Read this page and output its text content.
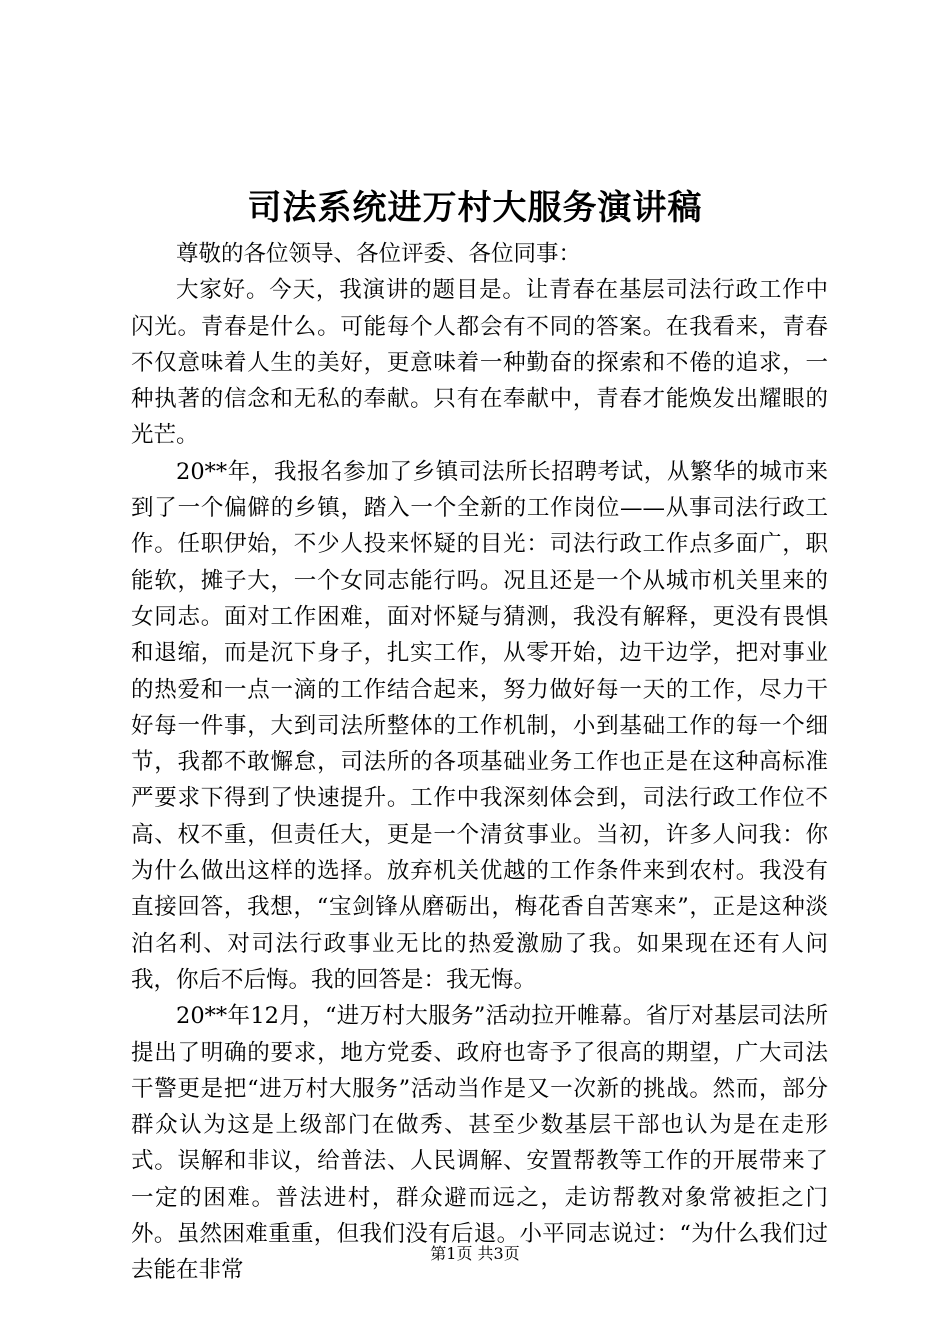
司法系统进万村大服务演讲稿

尊敬的各位领导、各位评委、各位同事：

大家好。今天，我演讲的题目是。让青春在基层司法行政工作中闪光。青春是什么。可能每个人都会有不同的答案。在我看来，青春不仅意味着人生的美好，更意味着一种勤奋的探索和不倦的追求，一种执著的信念和无私的奉献。只有在奉献中，青春才能焕发出耀眼的光芒。

20**年，我报名参加了乡镇司法所长招聘考试，从繁华的城市来到了一个偏僻的乡镇，踏入一个全新的工作岗位——从事司法行政工作。任职伊始，不少人投来怀疑的目光：司法行政工作点多面广，职能软，摊子大，一个女同志能行吗。况且还是一个从城市机关里来的女同志。面对工作困难，面对怀疑与猜测，我没有解释，更没有畏惧和退缩，而是沉下身子，扎实工作，从零开始，边干边学，把对事业的热爱和一点一滴的工作结合起来，努力做好每一天的工作，尽力干好每一件事，大到司法所整体的工作机制，小到基础工作的每一个细节，我都不敢懈怠，司法所的各项基础业务工作也正是在这种高标准严要求下得到了快速提升。工作中我深刻体会到，司法行政工作位不高、权不重，但责任大，更是一个清贫事业。当初，许多人问我：你为什么做出这样的选择。放弃机关优越的工作条件来到农村。我没有直接回答，我想，“宝剑锋从磨砺出，梅花香自苦寒来”，正是这种淡泊名利、对司法行政事业无比的热爱激励了我。如果现在还有人问我，你后不后悔。我的回答是：我无悔。

20**年12月，“进万村大服务”活动拉开帷幕。省厅对基层司法所提出了明确的要求，地方党委、政府也寄予了很高的期望，广大司法干警更是把“进万村大服务”活动当作是又一次新的挑战。然而，部分群众认为这是上级部门在做秀、甚至少数基层干部也认为是在走形式。误解和非议，给普法、人民调解、安置帮教等工作的开展带来了一定的困难。普法进村，群众避而远之，走访帮教对象常被拒之门外。虽然困难重重，但我们没有后退。小平同志说过：“为什么我们过去能在非常

第1页 共3页
